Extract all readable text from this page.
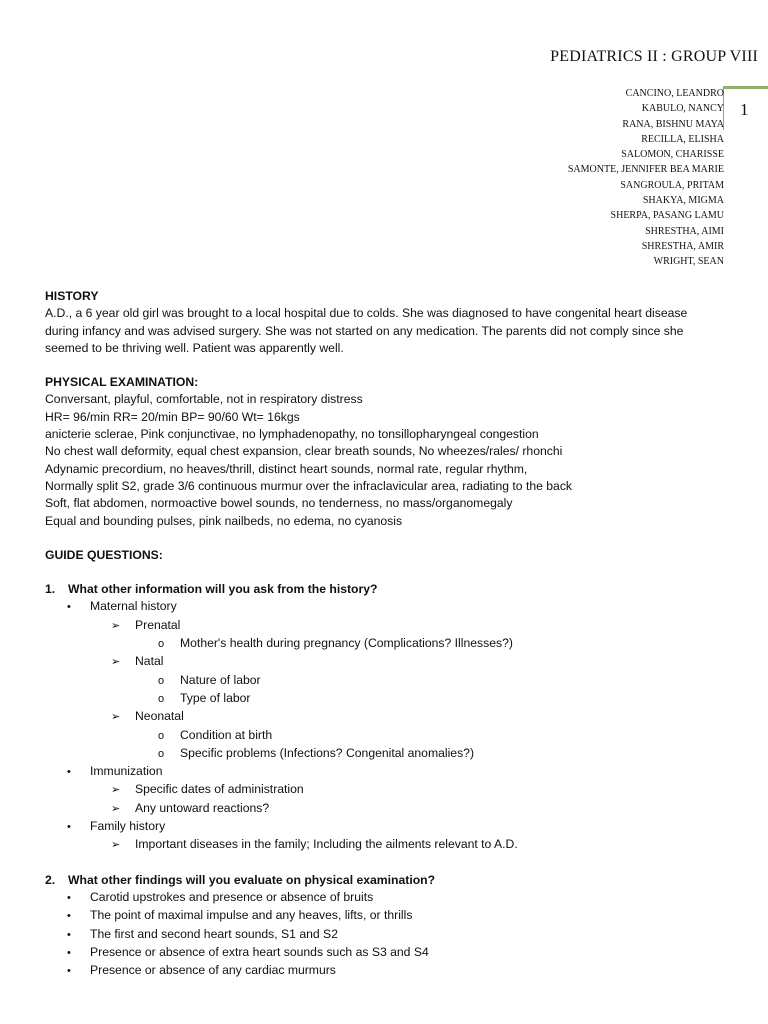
PEDIATRICS II : GROUP VIII
1
CANCINO, LEANDRO
KABULO, NANCY
RANA, BISHNU MAYA
RECILLA, ELISHA
SALOMON, CHARISSE
SAMONTE, JENNIFER BEA MARIE
SANGROULA, PRITAM
SHAKYA, MIGMA
SHERPA, PASANG LAMU
SHRESTHA, AIMI
SHRESTHA, AMIR
WRIGHT, SEAN

HISTORY

A.D., a 6 year old girl was brought to a local hospital due to colds. She was diagnosed to have congenital heart disease

during infancy and was advised surgery. She was not started on any medication. The parents did not comply since she

seemed to be thriving well. Patient was apparently well.

PHYSICAL EXAMINATION:

Conversant, playful, comfortable, not in respiratory distress

HR= 96/min RR= 20/min BP= 90/60 Wt= 16kgs

anicterie sclerae, Pink conjunctivae, no lymphadenopathy, no tonsillopharyngeal congestion

No chest wall deformity, equal chest expansion, clear breath sounds, No wheezes/rales/ rhonchi

Adynamic precordium, no heaves/thrill, distinct heart sounds, normal rate, regular rhythm,

Normally split S2, grade 3/6 continuous murmur over the infraclavicular area, radiating to the back

Soft, flat abdomen, normoactive bowel sounds, no tenderness, no mass/organomegaly

Equal and bounding pulses, pink nailbeds, no edema, no cyanosis

GUIDE QUESTIONS:

1.	What other information will you ask from the history?
•	Maternal history
➢	Prenatal
o	Mother's health during pregnancy (Complications? Illnesses?)
➢	Natal
o	Nature of labor
o	Type of labor
➢	Neonatal
o	Condition at birth
o	Specific problems (Infections? Congenital anomalies?)
•	Immunization
➢	Specific dates of administration
➢	Any untoward reactions?
•	Family history
➢	Important diseases in the family; Including the ailments relevant to A.D.
2.	What other findings will you evaluate on physical examination?
•	Carotid upstrokes and presence or absence of bruits
•	The point of maximal impulse and any heaves, lifts, or thrills
•	The first and second heart sounds, S1 and S2
•	Presence or absence of extra heart sounds such as S3 and S4
•	Presence or absence of any cardiac murmurs
